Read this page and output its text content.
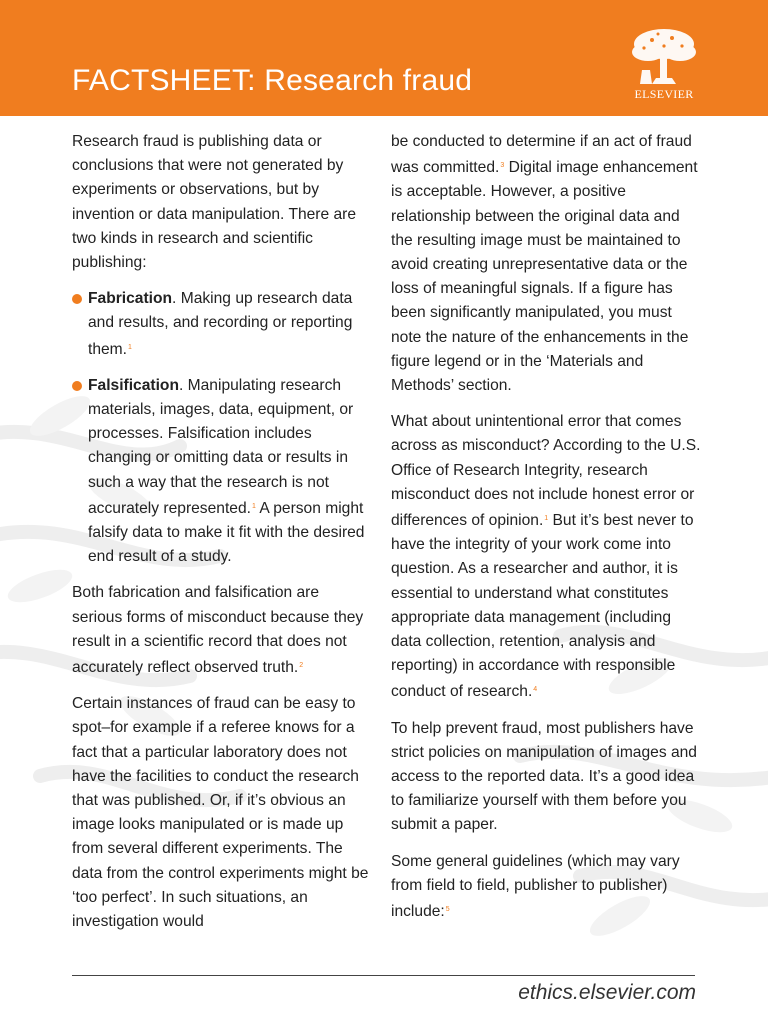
FACTSHEET: Research fraud	ELSEVIER

Research fraud is publishing data or conclusions that were not generated by experiments or observations, but by invention or data manipulation. There are two kinds in research and scientific publishing:

Fabrication. Making up research data and results, and recording or reporting them.$^1$
Falsification. Manipulating research materials, images, data, equipment, or processes. Falsification includes changing or omitting data or results in such a way that the research is not accurately represented.$^1$ A person might falsify data to make it fit with the desired end result of a study.

Both fabrication and falsification are serious forms of misconduct because they result in a scientific record that does not accurately reflect observed truth.$^2$

Certain instances of fraud can be easy to spot–for example if a referee knows for a fact that a particular laboratory does not have the facilities to conduct the research that was published. Or, if it’s obvious an image looks manipulated or is made up from several different experiments. The data from the control experiments might be ‘too perfect’. In such situations, an investigation would

be conducted to determine if an act of fraud was committed.$^3$ Digital image enhancement is acceptable. However, a positive relationship between the original data and the resulting image must be maintained to avoid creating unrepresentative data or the loss of meaningful signals. If a figure has been significantly manipulated, you must note the nature of the enhancements in the figure legend or in the ‘Materials and Methods’ section.

What about unintentional error that comes across as misconduct? According to the U.S. Office of Research Integrity, research misconduct does not include honest error or differences of opinion.$^1$ But it’s best never to have the integrity of your work come into question. As a researcher and author, it is essential to understand what constitutes appropriate data management (including data collection, retention, analysis and reporting) in accordance with responsible conduct of research.$^4$

To help prevent fraud, most publishers have strict policies on manipulation of images and access to the reported data. It’s a good idea to familiarize yourself with them before you submit a paper.

Some general guidelines (which may vary from field to field, publisher to publisher) include:$^5$

ethics.elsevier.com
